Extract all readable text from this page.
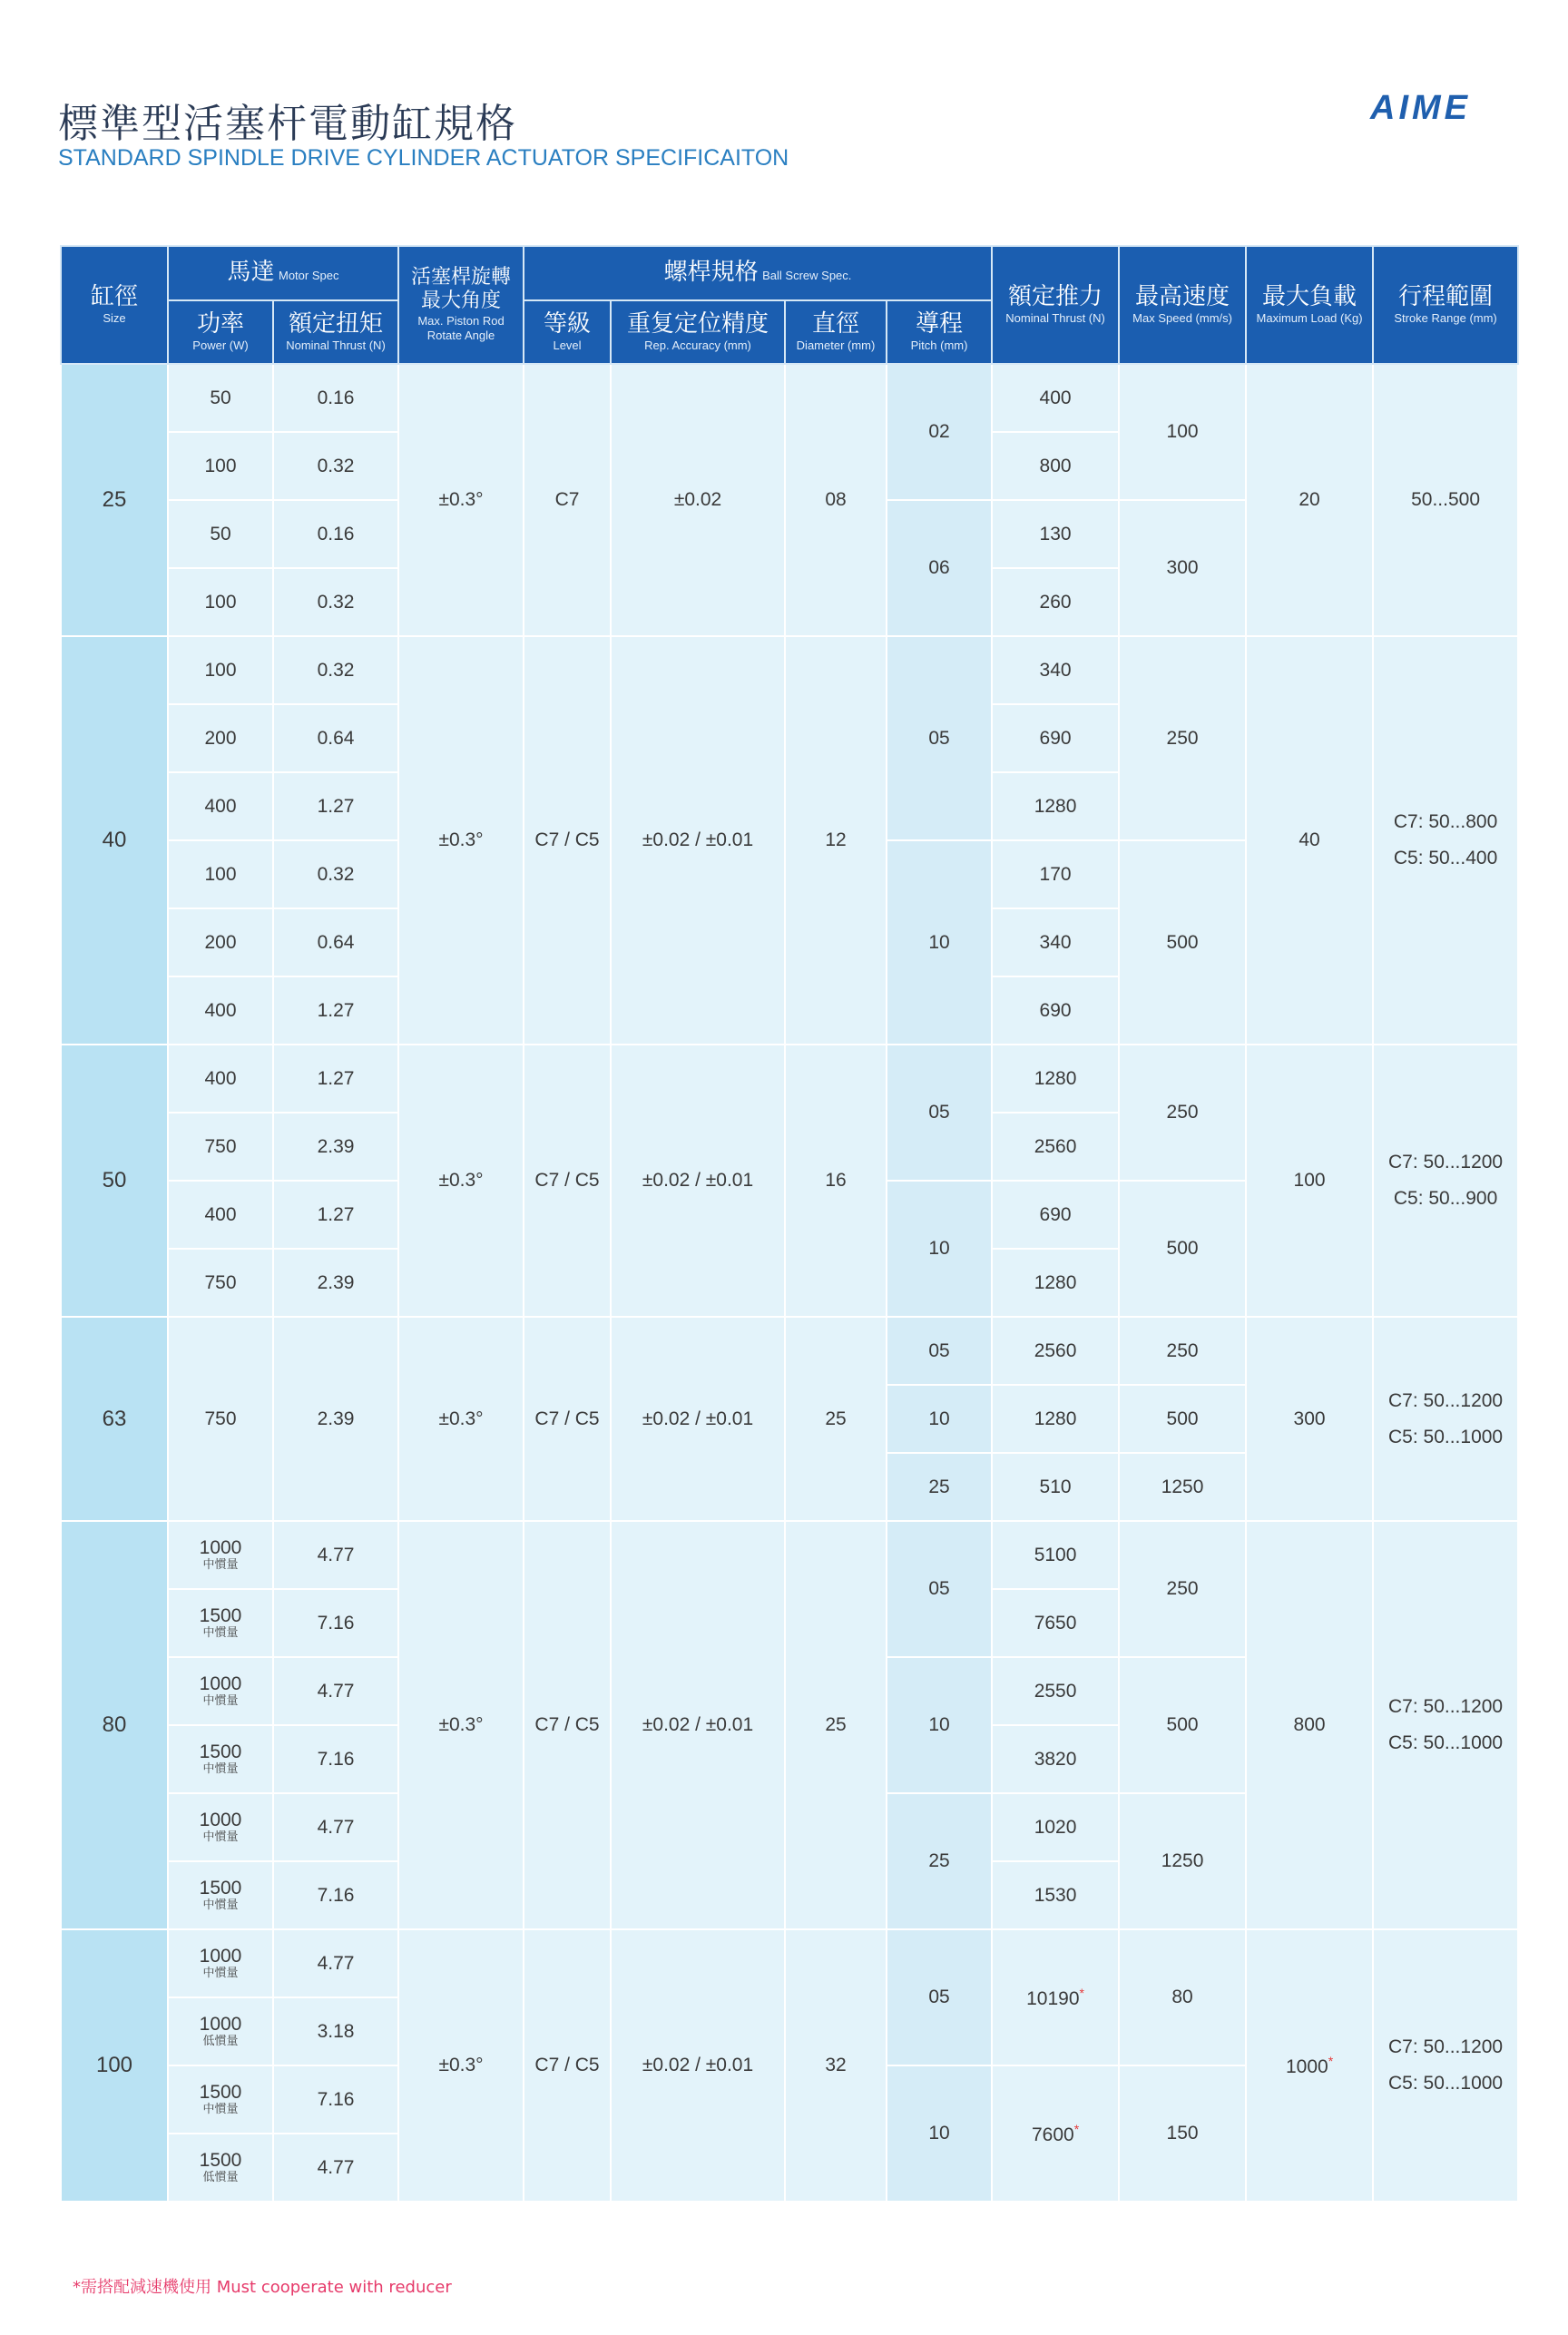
標準型活塞杆電動缸規格
STANDARD SPINDLE DRIVE CYLINDER ACTUATOR SPECIFICAITON
AIME
缸徑
Size	馬達 Motor Spec		活塞桿旋轉
最大角度
Max. Piston Rod
Rotate Angle	螺桿規格 Ball Screw Spec.				額定推力
Nominal Thrust (N)	最高速度
Max Speed (mm/s)	最大負載
Maximum Load (Kg)	行程範圍
Stroke Range (mm)

	功率
Power (W)	額定扭矩
Nominal Thrust (N)		等級
Level	重复定位精度
Rep. Accuracy (mm)	直徑
Diameter (mm)	導程
Pitch (mm)				

25	50	0.16	±0.3°	C7	±0.02	08	02	400	100	20	50...500

	100	0.32						800			
	50	0.16					06	130	300		
	100	0.32						260			
40	100	0.32	±0.3°	C7 / C5	±0.02 / ±0.01	12	05	340	250	40	C7: 50...800
C5: 50...400

	200	0.64						690			
	400	1.27						1280			
	100	0.32					10	170	500		
	200	0.64						340			
	400	1.27						690			
50	400	1.27	±0.3°	C7 / C5	±0.02 / ±0.01	16	05	1280	250	100	C7: 50...1200
C5: 50...900

	750	2.39						2560			
	400	1.27					10	690	500		
	750	2.39						1280			
63	750	2.39	±0.3°	C7 / C5	±0.02 / ±0.01	25	05	2560	250	300	C7: 50...1200
C5: 50...1000

							10	1280	500		
							25	510	1250		
80	1000
中慣量	4.77	±0.3°	C7 / C5	±0.02 / ±0.01	25	05	5100	250	800	C7: 50...1200
C5: 50...1000

	1500
中慣量	7.16						7650			
	1000
中慣量	4.77					10	2550	500		
	1500
中慣量	7.16						3820			
	1000
中慣量	4.77					25	1020	1250		
	1500
中慣量	7.16						1530			
100	1000
中慣量	4.77	±0.3°	C7 / C5	±0.02 / ±0.01	32	05	10190*	80	1000*	C7: 50...1200
C5: 50...1000

	1000
低慣量	3.18									
	1500
中慣量	7.16					10	7600*	150		
	1500
低慣量	4.77									
*需搭配減速機使用 Must cooperate with reducer
